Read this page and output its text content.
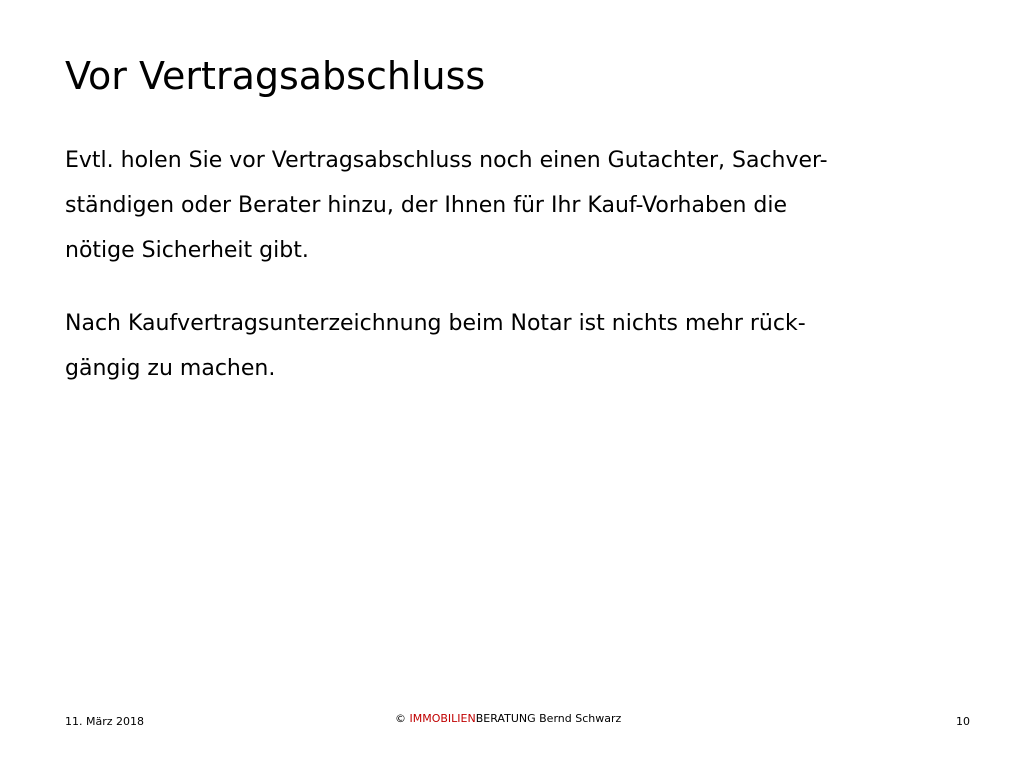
Vor Vertragsabschluss

Evtl. holen Sie vor Vertragsabschluss noch einen Gutachter, Sachver-
ständigen oder Berater hinzu, der Ihnen für Ihr Kauf-Vorhaben die
nötige Sicherheit gibt.

Nach Kaufvertragsunterzeichnung beim Notar ist nichts mehr rück-
gängig zu machen.

11. März 2018	© IMMOBILIENBERATUNG Bernd Schwarz	10
